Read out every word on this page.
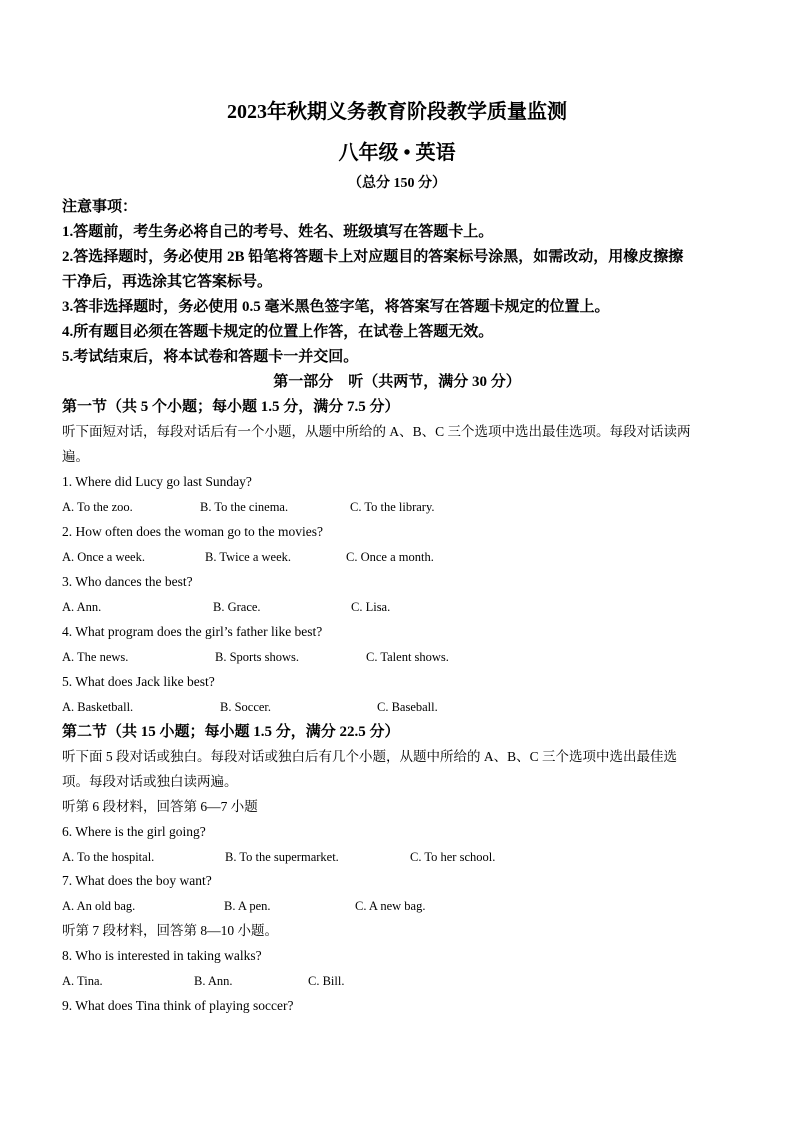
2023年秋期义务教育阶段教学质量监测
八年级 • 英语
（总分 150 分）
注意事项：
1.答题前，考生务必将自己的考号、姓名、班级填写在答题卡上。
2.答选择题时，务必使用 2B 铅笔将答题卡上对应题目的答案标号涂黑，如需改动，用橡皮擦擦
干净后，再选涂其它答案标号。
3.答非选择题时，务必使用 0.5 毫米黑色签字笔，将答案写在答题卡规定的位置上。
4.所有题目必须在答题卡规定的位置上作答，在试卷上答题无效。
5.考试结束后，将本试卷和答题卡一并交回。
第一部分　听（共两节，满分 30 分）
第一节（共 5 个小题；每小题 1.5 分，满分 7.5 分）
听下面短对话，每段对话后有一个小题，从题中所给的 A、B、C 三个选项中选出最佳选项。每段对话读两
遍。
1. Where did Lucy go last Sunday?
A. To the zoo.	B. To the cinema.	C. To the library.
2. How often does the woman go to the movies?
A. Once a week.	B. Twice a week.	C. Once a month.
3. Who dances the best?
A. Ann.	B. Grace.	C. Lisa.
4. What program does the girl’s father like best?
A. The news.	B. Sports shows.	C. Talent shows.
5. What does Jack like best?
A. Basketball.	B. Soccer.	C. Baseball.
第二节（共 15 小题；每小题 1.5 分，满分 22.5 分）
听下面 5 段对话或独白。每段对话或独白后有几个小题，从题中所给的 A、B、C 三个选项中选出最佳选
项。每段对话或独白读两遍。
听第 6 段材料，回答第 6—7 小题
6. Where is the girl going?
A. To the hospital.	B. To the supermarket.	C. To her school.
7. What does the boy want?
A. An old bag.	B. A pen.	C. A new bag.
听第 7 段材料，回答第 8—10 小题。
8. Who is interested in taking walks?
A. Tina.	B. Ann.	C. Bill.
9. What does Tina think of playing soccer?
